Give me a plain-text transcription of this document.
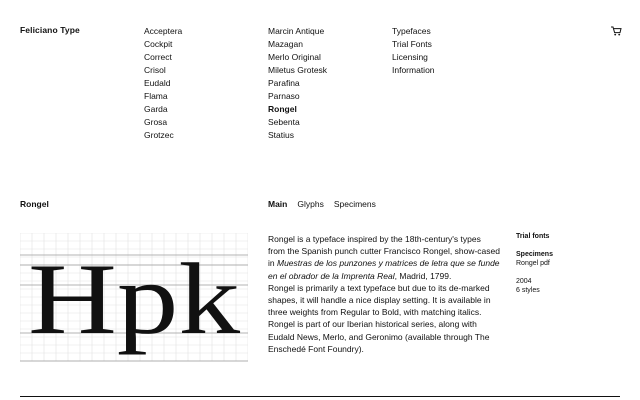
Feliciano Type	Acceptera
Cockpit
Correct
Crisol
Eudald
Flama
Garda
Grosa
Grotzec
Marcin Antique
Mazagan
Merlo Original
Miletus Grotesk
Parafina
Parnaso
Rongel
Sebenta
Statius
Typefaces
Trial Fonts
Licensing
Information
Rongel	Main Glyphs Specimens
Hpk

Rongel is a typeface inspired by the 18th-century's types from the Spanish punch cutter Francisco Rongel, show-cased in Muestras de los punzones y matrices de letra que se funde en el obrador de la Imprenta Real, Madrid, 1799.

Rongel is primarily a text typeface but due to its de-marked shapes, it will handle a nice display setting. It is available in three weights from Regular to Bold, with matching italics.

Rongel is part of our Iberian historical series, along with Eudald News, Merlo, and Geronimo (available through The Enschedé Font Foundry).

Trial fonts
Specimens
Rongel pdf
2004
6 styles
